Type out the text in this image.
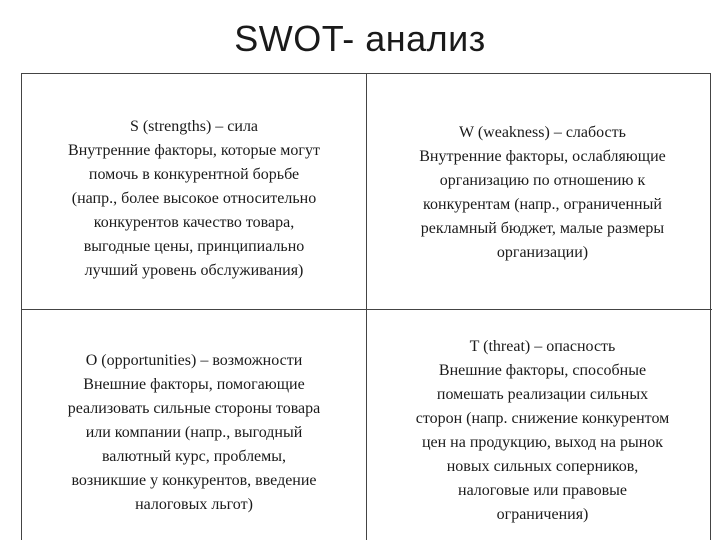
SWOT- анализ
S (strengths) – сила
Внутренние факторы, которые могут
помочь в конкурентной борьбе
(напр., более высокое относительно
конкурентов качество товара,
выгодные цены, принципиально
лучший уровень обслуживания)
W (weakness) – слабость
Внутренние факторы, ослабляющие
организацию по отношению к
конкурентам (напр., ограниченный
рекламный бюджет, малые размеры
организации)
O (opportunities) – возможности
Внешние факторы, помогающие
реализовать сильные стороны товара
или компании (напр., выгодный
валютный курс, проблемы,
возникшие у конкурентов, введение
налоговых льгот)
T (threat) – опасность
Внешние факторы, способные
помешать реализации сильных
сторон (напр. снижение конкурентом
цен на продукцию, выход на рынок
новых сильных соперников,
налоговые или правовые
ограничения)
